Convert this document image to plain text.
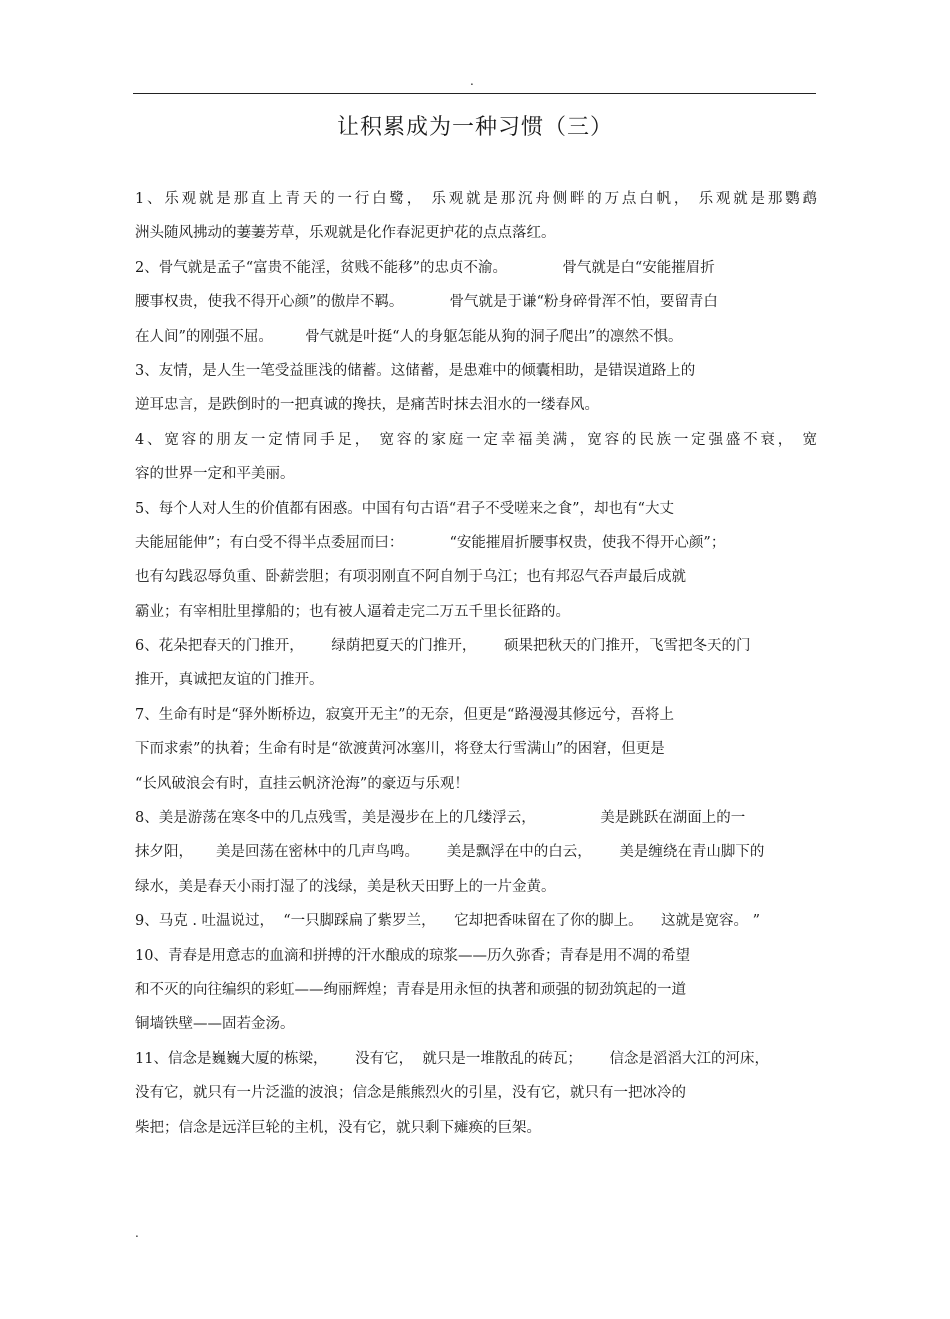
.
让积累成为一种习惯（三）
1、乐观就是那直上青天的一行白鹭， 乐观就是那沉舟侧畔的万点白帆， 乐观就是那鹦鹉
洲头随风拂动的萋萋芳草，乐观就是化作春泥更护花的点点落红。
2、骨气就是孟子“富贵不能淫，贫贱不能移”的忠贞不渝。            骨气就是白“安能摧眉折
腰事权贵，使我不得开心颜”的傲岸不羁。          骨气就是于谦“粉身碎骨浑不怕，要留青白
在人间”的刚强不屈。       骨气就是叶挺“人的身躯怎能从狗的洞子爬出”的凛然不惧。
3、友情，是人生一笔受益匪浅的储蓄。这储蓄，是患难中的倾囊相助，是错误道路上的
逆耳忠言，是跌倒时的一把真诚的搀扶，是痛苦时抹去泪水的一缕春风。
4、宽容的朋友一定情同手足， 宽容的家庭一定幸福美满，宽容的民族一定强盛不衰， 宽
容的世界一定和平美丽。
5、每个人对人生的价值都有困惑。中国有句古语“君子不受嗟来之食”，却也有“大丈
夫能屈能伸”；有白受不得半点委屈而曰：          “安能摧眉折腰事权贵，使我不得开心颜”；
也有勾践忍辱负重、卧薪尝胆；有项羽刚直不阿自刎于乌江；也有邦忍气吞声最后成就
霸业；有宰相肚里撑船的；也有被人逼着走完二万五千里长征路的。
6、花朵把春天的门推开，      绿荫把夏天的门推开，      硕果把秋天的门推开，飞雪把冬天的门
推开，真诚把友谊的门推开。
7、生命有时是“驿外断桥边，寂寞开无主”的无奈，但更是“路漫漫其修远兮，吾将上
下而求索”的执着；生命有时是“欲渡黄河冰塞川，将登太行雪满山”的困窘，但更是
“长风破浪会有时，直挂云帆济沧海”的豪迈与乐观！
8、美是游荡在寒冬中的几点残雪，美是漫步在上的几缕浮云，              美是跳跃在湖面上的一
抹夕阳，     美是回荡在密林中的几声鸟鸣。      美是飘浮在中的白云，      美是缠绕在青山脚下的
绿水，美是春天小雨打湿了的浅绿，美是秋天田野上的一片金黄。
9、马克 . 吐温说过，  “一只脚踩扁了紫罗兰，    它却把香味留在了你的脚上。    这就是宽容。 ”
10、青春是用意志的血滴和拼搏的汗水酿成的琼浆——历久弥香；青春是用不凋的希望
和不灭的向往编织的彩虹——绚丽辉煌；青春是用永恒的执著和顽强的韧劲筑起的一道
铜墙铁壁——固若金汤。
11、信念是巍巍大厦的栋梁，      没有它，  就只是一堆散乱的砖瓦；      信念是滔滔大江的河床，
没有它，就只有一片泛滥的波浪；信念是熊熊烈火的引星，没有它，就只有一把冰冷的
柴把；信念是远洋巨轮的主机，没有它，就只剩下瘫痪的巨架。
.
